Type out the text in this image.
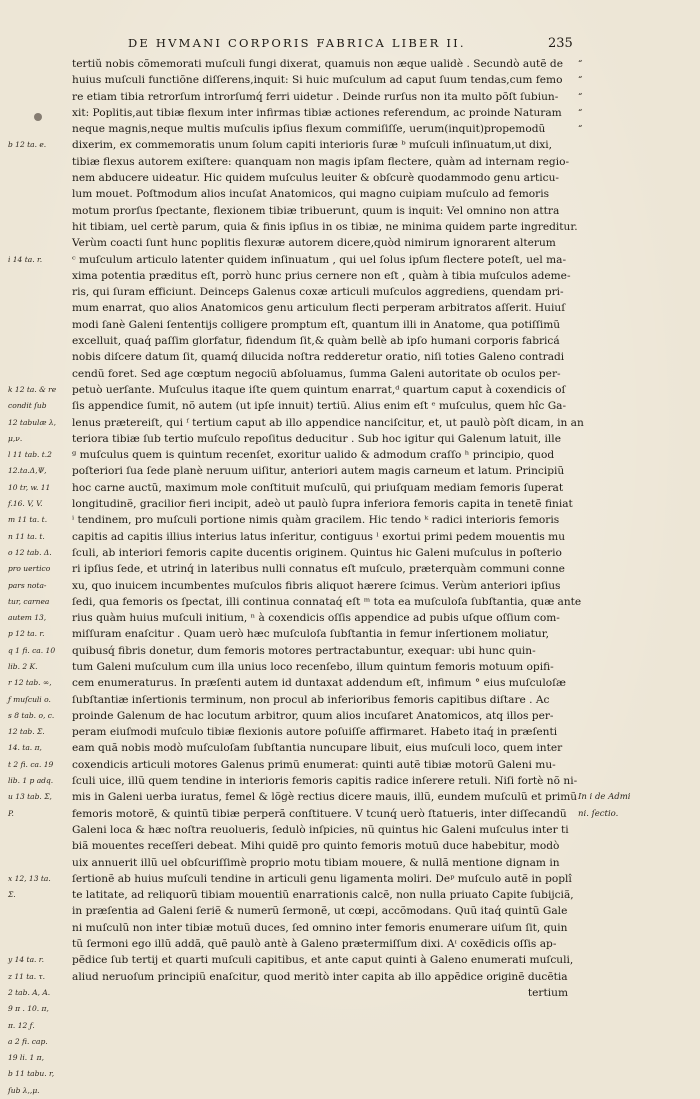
DE HVMANI CORPORIS FABRICA LIBER II.	235
b 12 ta. e.
i 14 ta. r.
k 12 ta. & re
condit ſub
12 tabulæ λ,
μ,ν.
l 11 tab. t.2
12.ta.Δ,Ψ,
10 tr, w. 11
f.16. V, V.
m 11 ta. t.
n 11 ta. t.
o 12 tab. Δ.
pro uertico
pars nota-
tur, carnea
autem 13,
p 12 ta. r.
q 1 fi. ca. 10
lib. 2 K.
r 12 tab. ∞,
ƒ muſculi o.
s 8 tab. o, c.
12 tab. Σ.
14. ta. π,
t 2 fi. ca. 19
lib. 1 p adq.
u 13 tab. Σ,
P.
x 12, 13 ta.
Σ.
y 14 ta. r.
z 11 ta. τ.
2 tab. A, A.
9 π . 10. π,
π. 12 ƒ.
a 2 fi. cap.
19 li. 1 π,
b 11 tabu. r,
ſub λ,,μ.
tertiŭ nobis cõmemorati muſculi fungi dixerat, quamuis non æque ualidè . Secundò autẽ de
huius muſculi functiõne diſſerens,inquit: Si huic muſculum ad caput ſuum tendas,cum femo
re etiam tibia retrorſum introrſumq́ ferri uidetur . Deinde rurſus non ita multo põſt ſubiun-
xit: Poplitis,aut tibiæ flexum inter infirmas tibiæ actiones referendum, ac proinde Naturam
neque magnis,neque multis muſculis ipſius flexum commiſiſſe, uerum(inquit)propemodũ
dixerim, ex commemoratis unum ſolum capiti interioris ſuræ ᵇ muſculi inſinuatum,ut dixi,
tibiæ flexus autorem exiſtere: quanquam non magis ipſam flectere, quàm ad internam regio-
nem abducere uideatur. Hic quidem muſculus leuiter & obſcurè quodammodo genu articu-
lum mouet. Poſtmodum alios incuſat Anatomicos, qui magno cuipiam muſculo ad femoris
motum prorſus ſpectante, flexionem tibiæ tribuerunt, quum is inquit: Vel omnino non attra
hit tibiam, uel certè parum, quia & finis ipſius in os tibiæ, ne minima quidem parte ingreditur.
Verùm coacti ſunt hunc poplitis flexuræ autorem dicere,quòd nimirum ignorarent alterum
ᶜ muſculum articulo latenter quidem inſinuatum , qui uel ſolus ipſum flectere poteſt, uel ma-
xima potentia præditus eſt, porrò hunc prius cernere non eſt , quàm à tibia muſculos ademe-
ris, qui ſuram efficiunt. Deinceps Galenus coxæ articuli muſculos aggrediens, quendam pri-
mum enarrat, quo alios Anatomicos genu articulum flecti perperam arbitratos aſſerit. Huiuſ
modi ſanè Galeni ſententijs colligere promptum eſt, quantum illi in Anatome, qua potiſſimũ
excelluit, quaq́ paſſim glorfatur, fidendum ſit,& quàm bellè ab ipſo humani corporis fabricá
nobis diſcere datum ſit, quamq́ dilucida noſtra redderetur oratio, niſi toties Galeno contradi
cendũ foret. Sed age cœptum negociũ abſoluamus, ſumma Galeni autoritate ob oculos per-
petuò uerſante. Muſculus itaque iſte quem quintum enarrat,ᵈ quartum caput à coxendicis oſ
ſis appendice ſumit, nõ autem (ut ipſe innuit) tertiũ. Alius enim eſt ᵉ muſculus, quem hîc Ga-
lenus prætereiſt, qui ᶠ tertium caput ab illo appendice nanciſcitur, et, ut paulò pòſt dicam, in an
teriora tibiæ ſub tertio muſculo repoſitus deducitur . Sub hoc igitur qui Galenum latuit, ille
ᵍ muſculus quem is quintum recenſet, exoritur ualido & admodum craſſo ʰ principio, quod
poſteriori ſua ſede planè neruum uiſitur, anteriori autem magis carneum et latum. Principiũ
hoc carne auctũ, maximum mole conſtituit muſculũ, qui priuſquam mediam femoris ſuperat
longitudinẽ, gracilior fieri incipit, adeò ut paulò ſupra inferiora femoris capita in tenetẽ finiat
ⁱ tendinem, pro muſculi portione nimis quàm gracilem. Hic tendo ᵏ radici interioris femoris
capitis ad capitis illius interius latus inſeritur, contiguus ˡ exortui primi pedem mouentis mu
ſculi, ab interiori femoris capite ducentis originem. Quintus hic Galeni muſculus in poſterio
ri ipſius ſede, et utrinq́ in lateribus nulli connatus eſt muſculo, præterquàm communi conne
xu, quo inuicem incumbentes muſculos fibris aliquot hærere ſcimus. Verùm anteriori ipſius
ſedi, qua femoris os ſpectat, illi continua connataq́ eſt ᵐ tota ea muſculoſa ſubſtantia, quæ ante
rius quàm huius muſculi initium, ⁿ à coxendicis oſſis appendice ad pubis uſque oſſium com-
miſſuram enaſcitur . Quam uerò hæc muſculoſa ſubſtantia in femur inſertionem moliatur,
quibusq́ fibris donetur, dum femoris motores pertractabuntur, exequar: ubi hunc quin-
tum Galeni muſculum cum illa unius loco recenſebo, illum quintum femoris motuum opifi-
cem enumeraturus. In præſenti autem id duntaxat addendum eſt, infimum ° eius muſculoſæ
ſubſtantiæ inſertionis terminum, non procul ab inferioribus femoris capitibus diſtare . Ac
proinde Galenum de hac locutum arbitror, quum alios incuſaret Anatomicos, atq illos per-
peram eiuſmodi muſculo tibiæ flexionis autore poſuiſſe affirmaret. Habeto itaq́ in præſenti
eam quã nobis modò muſculoſam ſubſtantia nuncupare libuit, eius muſculi loco, quem inter
coxendicis articuli motores Galenus primũ enumerat: quinti autẽ tibiæ motorũ Galeni mu-
ſculi uice, illũ quem tendine in interioris femoris capitis radice inſerere retuli. Niſi fortè nõ ni-
mis in Galeni uerba iuratus, femel & lõgè rectius dicere mauis, illũ, eundem muſculũ et primũ
femoris motorẽ, & quintũ tibiæ perperã conſtituere. V tcunq́ uerò ſtatueris, inter diſſecandũ
Galeni loca & hæc noſtra reuolueris, ſedulò inſpicies, nũ quintus hic Galeni muſculus inter ti
biã mouentes receſſeri debeat. Mihi quidẽ pro quinto femoris motuũ duce habebitur, modò
uix annuerit illũ uel obſcuriſſimè proprio motu tibiam mouere, & nullã mentione dignam in
ſertionẽ ab huius muſculi tendine in articuli genu ligamenta moliri. Deᵖ muſculo autẽ in poplî
te latitate, ad reliquorũ tibiam mouentiũ enarrationis calcẽ, non nulla priuato Capite ſubijciã,
in præſentia ad Galeni ſeriẽ & numerũ ſermonẽ, ut cœpi, accõmodans. Quũ itaq́ quintũ Gale
ni muſculũ non inter tibiæ motuũ duces, ſed omnino inter femoris enumerare uiſum ſit, quin
tũ ſermoni ego illũ addã, quẽ paulò antè à Galeno prætermiſſum dixi. Aᶦ coxẽdicis oſſis ap-
pẽdice ſub tertij et quarti muſculi capitibus, et ante caput quinti à Galeno enumerati muſculi,
aliud neruoſum principiũ enaſcitur, quod meritò inter capita ab illo appẽdice originẽ ducẽtia
tertium
“
“
“
“
“
In i de Admi
ni. ſectio.
